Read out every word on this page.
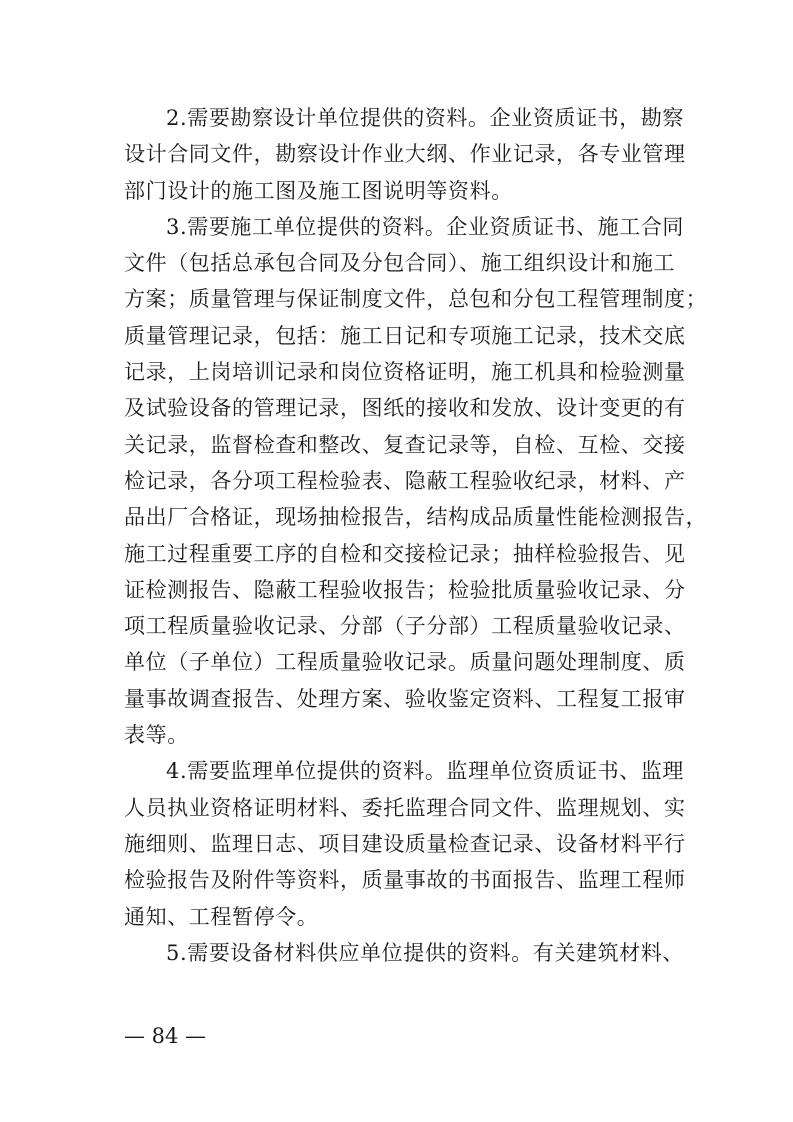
2.需要勘察设计单位提供的资料。企业资质证书，勘察
设计合同文件，勘察设计作业大纲、作业记录，各专业管理
部门设计的施工图及施工图说明等资料。
3.需要施工单位提供的资料。企业资质证书、施工合同
文件（包括总承包合同及分包合同）、施工组织设计和施工
方案；质量管理与保证制度文件，总包和分包工程管理制度；
质量管理记录，包括：施工日记和专项施工记录，技术交底
记录，上岗培训记录和岗位资格证明，施工机具和检验测量
及试验设备的管理记录，图纸的接收和发放、设计变更的有
关记录，监督检查和整改、复查记录等，自检、互检、交接
检记录，各分项工程检验表、隐蔽工程验收纪录，材料、产
品出厂合格证，现场抽检报告，结构成品质量性能检测报告，
施工过程重要工序的自检和交接检记录；抽样检验报告、见
证检测报告、隐蔽工程验收报告；检验批质量验收记录、分
项工程质量验收记录、分部（子分部）工程质量验收记录、
单位（子单位）工程质量验收记录。质量问题处理制度、质
量事故调查报告、处理方案、验收鉴定资料、工程复工报审
表等。
4.需要监理单位提供的资料。监理单位资质证书、监理
人员执业资格证明材料、委托监理合同文件、监理规划、实
施细则、监理日志、项目建设质量检查记录、设备材料平行
检验报告及附件等资料，质量事故的书面报告、监理工程师
通知、工程暂停令。
5.需要设备材料供应单位提供的资料。有关建筑材料、
— 84 —
